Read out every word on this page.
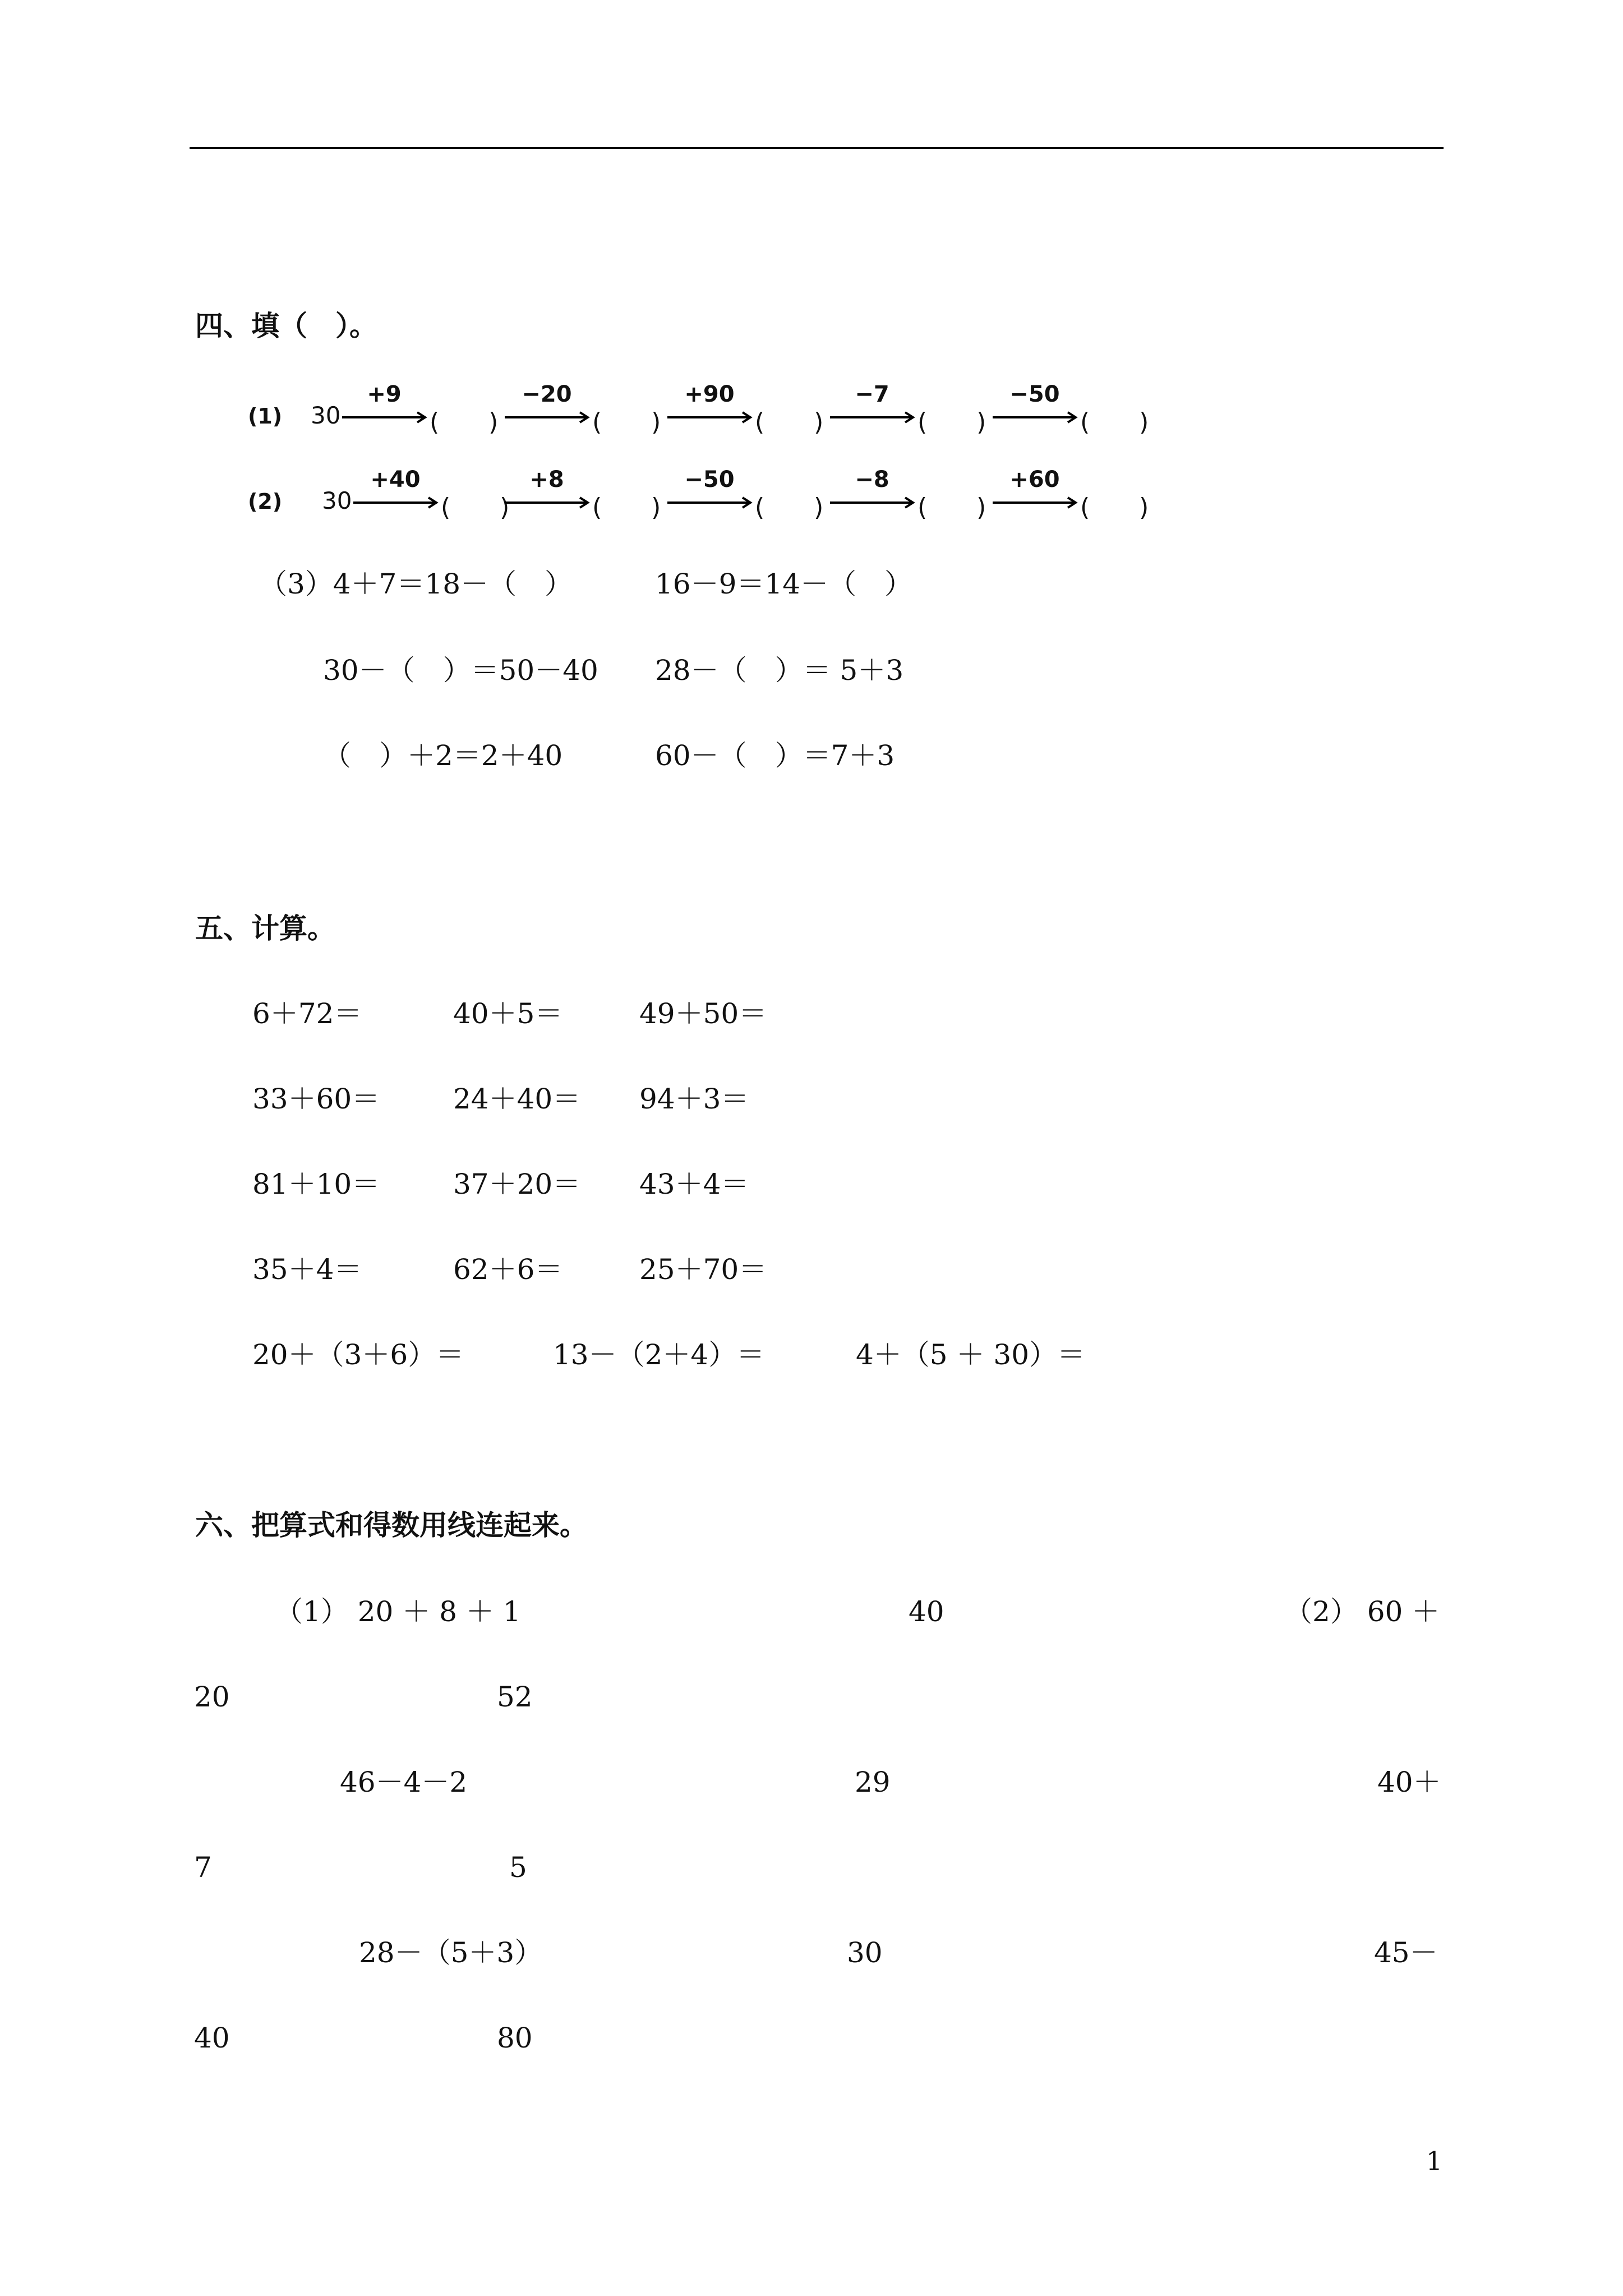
四、填（　）。
(1) 30
+9
(　　)
−20
(　　)
+90
(　　)
−7
(　　)
−50
(　　)
(2) 30
+40
(　　)
+8
(　　)
−50
(　　)
−8
(　　)
+60
(　　)
（3）4＋7＝18－（　）	16－9＝14－（　）
30－（　）＝50－40 28－（　）＝ 5＋3
（　）＋2＝2＋40	60－（　）＝7＋3
五、计算。
6＋72＝	40＋5＝	49＋50＝
33＋60＝	24＋40＝ 94＋3＝
81＋10＝	37＋20＝ 43＋4＝
35＋4＝	62＋6＝	25＋70＝
20＋（3＋6）＝	13－（2＋4）＝	4＋（5 ＋ 30）＝
六、把算式和得数用线连起来。
（1） 20 ＋ 8 ＋ 1	40	（2） 60 ＋
20	52
46－4－2	29	40＋
7	5
28－（5＋3）	30	45－
40	80
1
